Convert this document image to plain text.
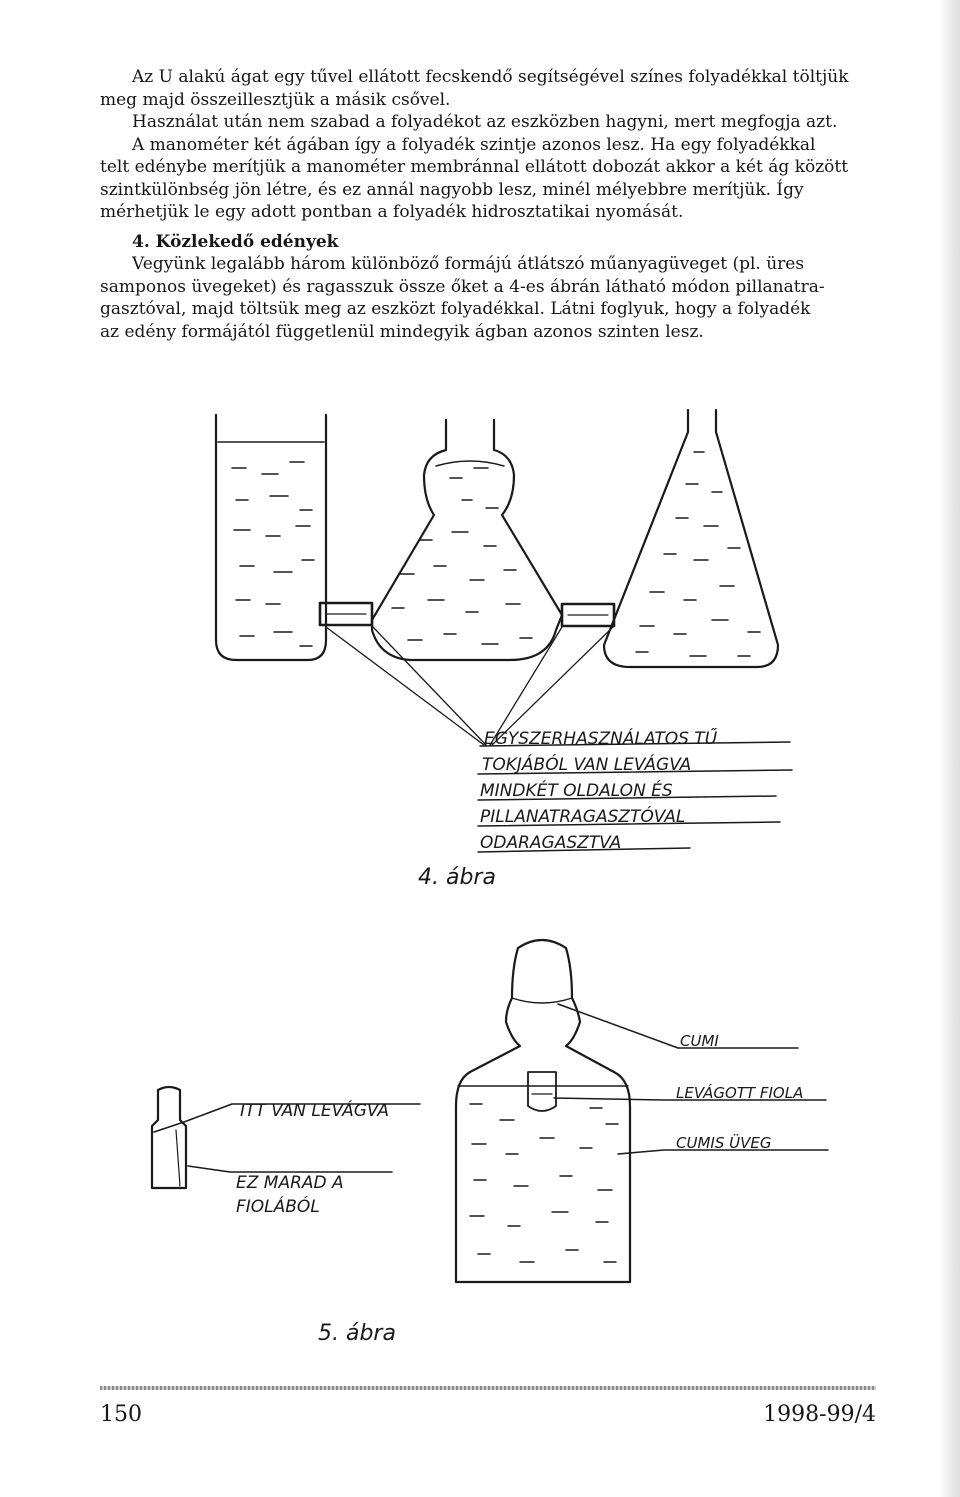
Az U alakú ágat egy tűvel ellátott fecskendő segítségével színes folyadékkal töltjük

meg majd összeillesztjük a másik csővel.

Használat után nem szabad a folyadékot az eszközben hagyni, mert megfogja azt.

A manométer két ágában így a folyadék szintje azonos lesz. Ha egy folyadékkal

telt edénybe merítjük a manométer membránnal ellátott dobozát akkor a két ág között

szintkülönbség jön létre, és ez annál nagyobb lesz, minél mélyebbre merítjük. Így

mérhetjük le egy adott pontban a folyadék hidrosztatikai nyomását.

4. Közlekedő edények

Vegyünk legalább három különböző formájú átlátszó műanyagüveget (pl. üres

samponos üvegeket) és ragasszuk össze őket a 4-es ábrán látható módon pillanatra-

gasztóval, majd töltsük meg az eszközt folyadékkal. Látni foglyuk, hogy a folyadék

az edény formájától függetlenül mindegyik ágban azonos szinten lesz.

EGYSZERHASZNÁLATOS TŰ
TOKJÁBÓL VAN LEVÁGVA
MINDKÉT OLDALON ÉS
PILLANATRAGASZTÓVAL
ODARAGASZTVA
4. ábra
ITT VAN LEVÁGVA
EZ MARAD A
FIOLÁBÓL
CUMI
LEVÁGOTT FIOLA
CUMIS ÜVEG
5. ábra
150	1998-99/4
